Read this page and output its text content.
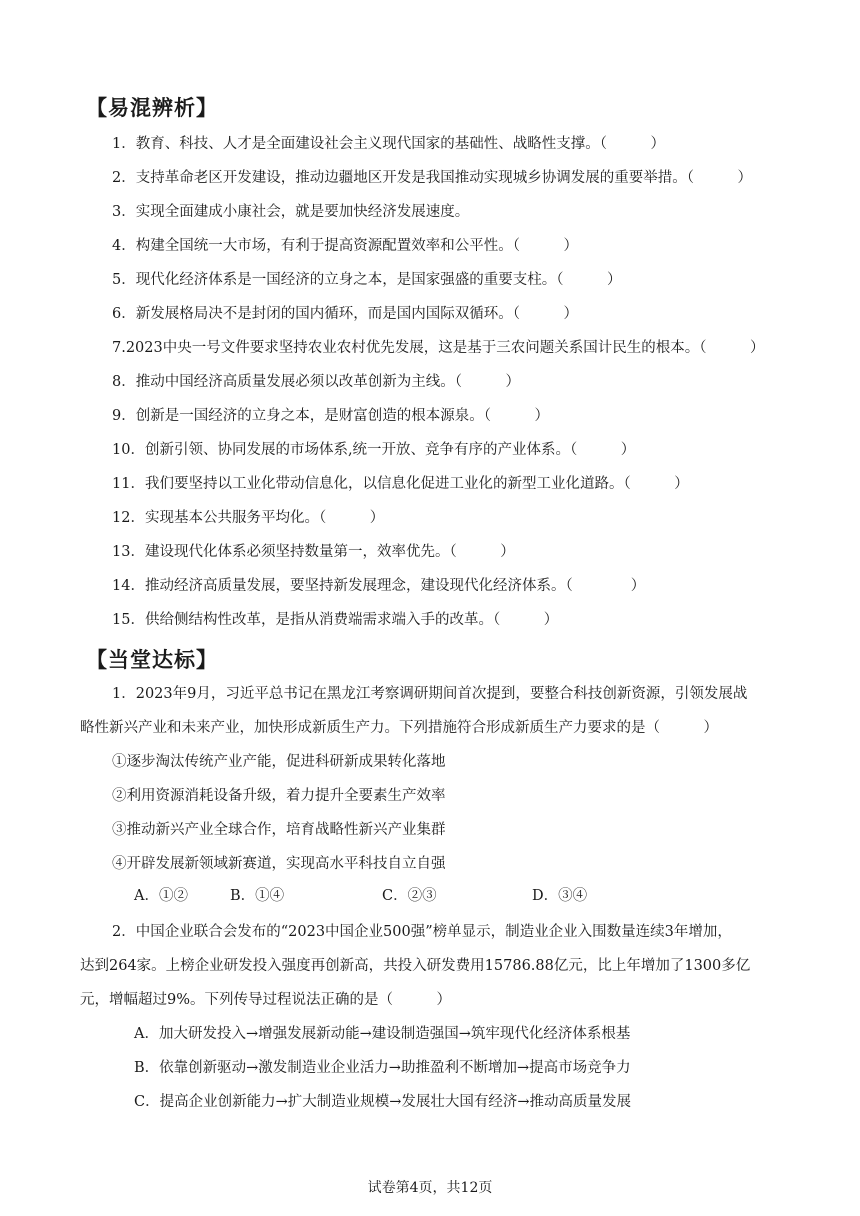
【易混辨析】
1．教育、科技、人才是全面建设社会主义现代国家的基础性、战略性支撑。（　　　）
2．支持革命老区开发建设，推动边疆地区开发是我国推动实现城乡协调发展的重要举措。（　　　）
3．实现全面建成小康社会，就是要加快经济发展速度。
4．构建全国统一大市场，有利于提高资源配置效率和公平性。（　　　）
5．现代化经济体系是一国经济的立身之本，是国家强盛的重要支柱。（　　　）
6．新发展格局决不是封闭的国内循环，而是国内国际双循环。（　　　）
7.2023中央一号文件要求坚持农业农村优先发展，这是基于三农问题关系国计民生的根本。（　　　）
8．推动中国经济高质量发展必须以改革创新为主线。（　　　）
9．创新是一国经济的立身之本，是财富创造的根本源泉。（　　　）
10．创新引领、协同发展的市场体系,统一开放、竞争有序的产业体系。（　　　）
11．我们要坚持以工业化带动信息化，以信息化促进工业化的新型工业化道路。（　　　）
12．实现基本公共服务平均化。（　　　）
13．建设现代化体系必须坚持数量第一，效率优先。（　　　）
14．推动经济高质量发展，要坚持新发展理念，建设现代化经济体系。（　　　　）
15．供给侧结构性改革，是指从消费端需求端入手的改革。（　　　）
【当堂达标】
1．2023年9月，习近平总书记在黑龙江考察调研期间首次提到，要整合科技创新资源，引领发展战
略性新兴产业和未来产业，加快形成新质生产力。下列措施符合形成新质生产力要求的是（　　　）
①逐步淘汰传统产业产能，促进科研新成果转化落地
②利用资源消耗设备升级，着力提升全要素生产效率
③推动新兴产业全球合作，培育战略性新兴产业集群
④开辟发展新领域新赛道，实现高水平科技自立自强
A．①②	B．①④	C．②③	D．③④
2．中国企业联合会发布的“2023中国企业500强”榜单显示，制造业企业入围数量连续3年增加，
达到264家。上榜企业研发投入强度再创新高，共投入研发费用15786.88亿元，比上年增加了1300多亿
元，增幅超过9%。下列传导过程说法正确的是（　　　）
A．加大研发投入→增强发展新动能→建设制造强国→筑牢现代化经济体系根基
B．依靠创新驱动→激发制造业企业活力→助推盈利不断增加→提高市场竞争力
C．提高企业创新能力→扩大制造业规模→发展壮大国有经济→推动高质量发展
试卷第4页，共12页
